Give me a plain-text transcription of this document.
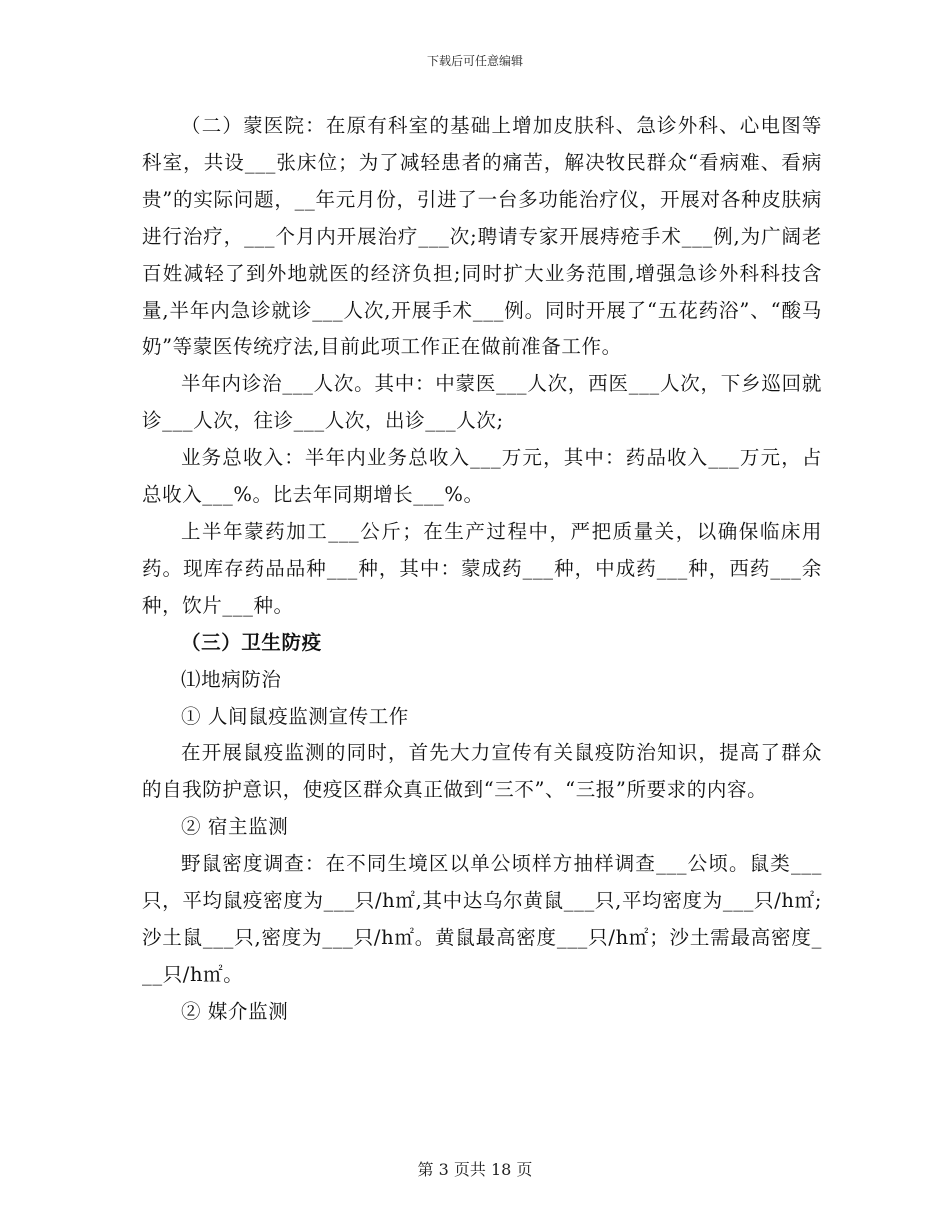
下载后可任意编辑

（二）蒙医院：在原有科室的基础上增加皮肤科、急诊外科、心电图等科室，共设___张床位；为了减轻患者的痛苦，解决牧民群众“看病难、看病贵”的实际问题，__年元月份，引进了一台多功能治疗仪，开展对各种皮肤病进行治疗，___个月内开展治疗___次;聘请专家开展痔疮手术___例,为广阔老百姓减轻了到外地就医的经济负担;同时扩大业务范围,增强急诊外科科技含量,半年内急诊就诊___人次,开展手术___例。同时开展了“五花药浴”、“酸马奶”等蒙医传统疗法,目前此项工作正在做前准备工作。

半年内诊治___人次。其中：中蒙医___人次，西医___人次，下乡巡回就诊___人次，往诊___人次，出诊___人次;

业务总收入：半年内业务总收入___万元，其中：药品收入___万元，占总收入___%。比去年同期增长___%。

上半年蒙药加工___公斤；在生产过程中，严把质量关，以确保临床用药。现库存药品品种___种，其中：蒙成药___种，中成药___种，西药___余种，饮片___种。

（三）卫生防疫

⑴地病防治

① 人间鼠疫监测宣传工作

在开展鼠疫监测的同时，首先大力宣传有关鼠疫防治知识，提高了群众的自我防护意识，使疫区群众真正做到“三不”、“三报”所要求的内容。

② 宿主监测

野鼠密度调查：在不同生境区以单公顷样方抽样调查___公顷。鼠类___只，平均鼠疫密度为___只/h㎡,其中达乌尔黄鼠___只,平均密度为___只/h㎡;沙土鼠___只,密度为___只/h㎡。黄鼠最高密度___只/h㎡；沙土需最高密度___只/h㎡。

② 媒介监测

第 3 页共 18 页
